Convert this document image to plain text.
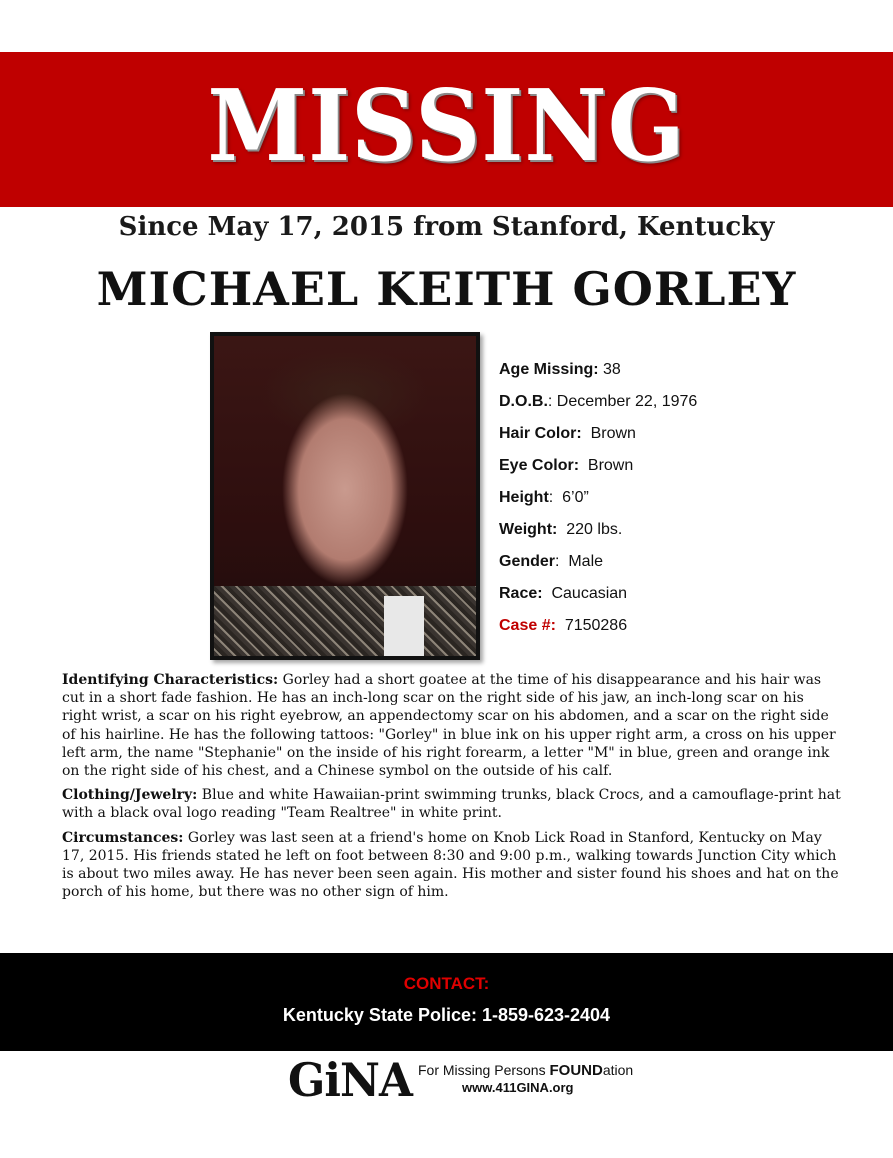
MISSING
Since May 17, 2015 from Stanford, Kentucky
MICHAEL KEITH GORLEY
Age Missing: 38
D.O.B.: December 22, 1976
Hair Color:  Brown
Eye Color:  Brown
Height:  6’0”
Weight:  220 lbs.
Gender:  Male
Race:  Caucasian
Case #:  7150286

Identifying Characteristics: Gorley had a short goatee at the time of his disappearance and his hair was cut in a short fade fashion. He has an inch-long scar on the right side of his jaw, an inch-long scar on his right wrist, a scar on his right eyebrow, an appendectomy scar on his abdomen, and a scar on the right side of his hairline. He has the following tattoos: "Gorley" in blue ink on his upper right arm, a cross on his upper left arm, the name "Stephanie" on the inside of his right forearm, a letter "M" in blue, green and orange ink on the right side of his chest, and a Chinese symbol on the outside of his calf.

Clothing/Jewelry: Blue and white Hawaiian-print swimming trunks, black Crocs, and a camouflage-print hat with a black oval logo reading "Team Realtree" in white print.

Circumstances: Gorley was last seen at a friend's home on Knob Lick Road in Stanford, Kentucky on May 17, 2015. His friends stated he left on foot between 8:30 and 9:00 p.m., walking towards Junction City which is about two miles away. He has never been seen again. His mother and sister found his shoes and hat on the porch of his home, but there was no other sign of him.

CONTACT:
Kentucky State Police: 1-859-623-2404
GiNA For Missing Persons FOUNDation
www.411GINA.org
